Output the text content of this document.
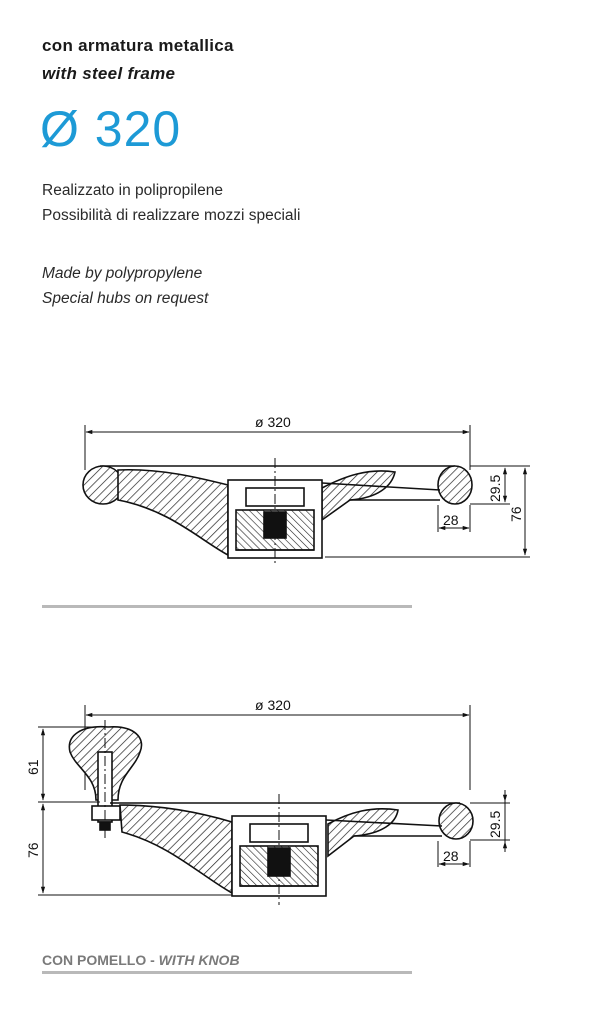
con armatura metallica
with steel frame
Ø 320
Realizzato in polipropilene
Possibilità di realizzare mozzi speciali
Made by polypropylene
Special hubs on request
ø 320
29.5
76
28
ø 320
61
76
29.5
28
CON POMELLO - WITH KNOB
